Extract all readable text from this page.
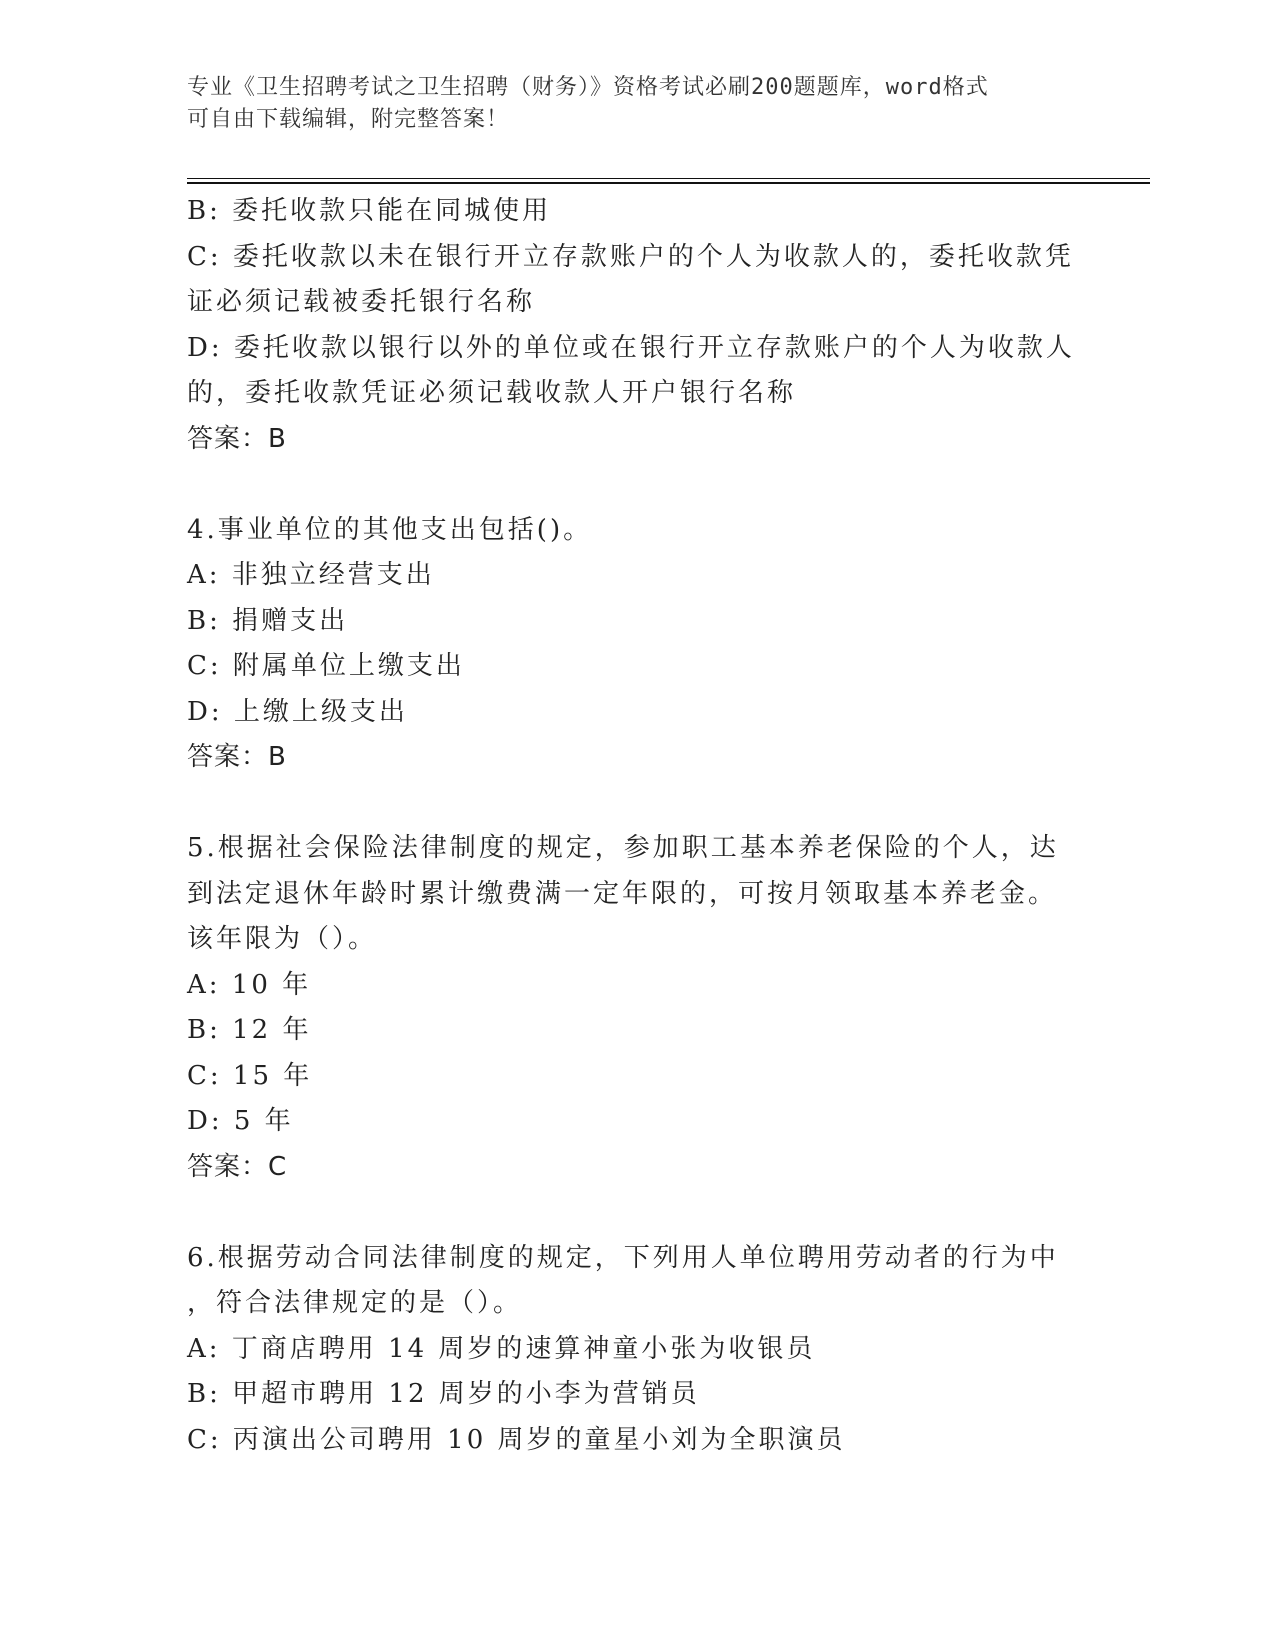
专业《卫生招聘考试之卫生招聘（财务）》资格考试必刷200题题库，word格式
可自由下载编辑，附完整答案！
B: 委托收款只能在同城使用
C: 委托收款以未在银行开立存款账户的个人为收款人的，委托收款凭
证必须记载被委托银行名称
D: 委托收款以银行以外的单位或在银行开立存款账户的个人为收款人
的，委托收款凭证必须记载收款人开户银行名称
答案：B
4.事业单位的其他支出包括()。
A: 非独立经营支出
B: 捐赠支出
C: 附属单位上缴支出
D: 上缴上级支出
答案：B
5.根据社会保险法律制度的规定，参加职工基本养老保险的个人，达
到法定退休年龄时累计缴费满一定年限的，可按月领取基本养老金。
该年限为（）。
A: 10 年
B: 12 年
C: 15 年
D: 5 年
答案：C
6.根据劳动合同法律制度的规定，下列用人单位聘用劳动者的行为中
，符合法律规定的是（）。
A: 丁商店聘用 14 周岁的速算神童小张为收银员
B: 甲超市聘用 12 周岁的小李为营销员
C: 丙演出公司聘用 10 周岁的童星小刘为全职演员
